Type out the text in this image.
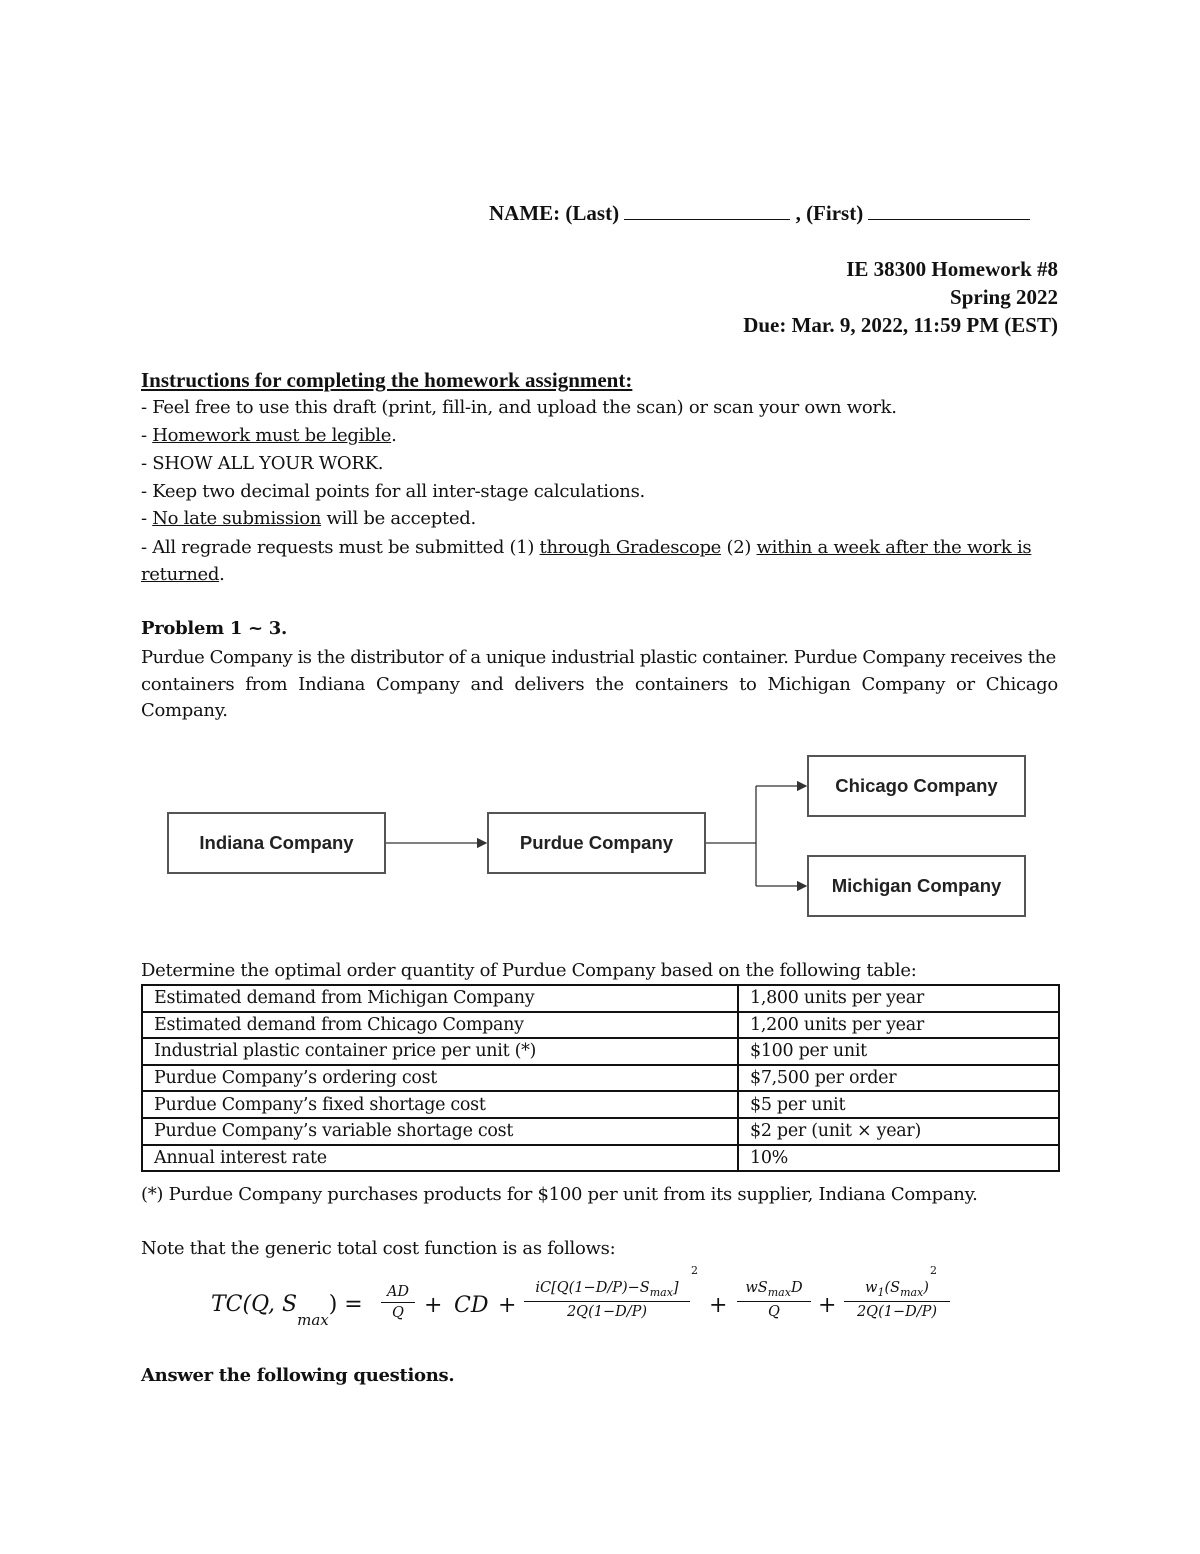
NAME: (Last)	, (First)
IE 38300 Homework #8
Spring 2022
Due: Mar. 9, 2022, 11:59 PM (EST)
Instructions for completing the homework assignment:
- Feel free to use this draft (print, fill-in, and upload the scan) or scan your own work.
- Homework must be legible.
- SHOW ALL YOUR WORK.
- Keep two decimal points for all inter-stage calculations.
- No late submission will be accepted.
- All regrade requests must be submitted (1) through Gradescope (2) within a week after the work is
returned.
Problem 1 ~ 3.
Purdue Company is the distributor of a unique industrial plastic container. Purdue Company receives the
containers from Indiana Company and delivers the containers to Michigan Company or Chicago
Company.
Indiana Company	Purdue Company
Chicago Company
Michigan Company
Determine the optimal order quantity of Purdue Company based on the following table:
Estimated demand from Michigan Company	1,800 units per year
Estimated demand from Chicago Company	1,200 units per year
Industrial plastic container price per unit (*)	$100 per unit
Purdue Company’s ordering cost	$7,500 per order
Purdue Company’s fixed shortage cost	$5 per unit
Purdue Company’s variable shortage cost	$2 per (unit × year)
Annual interest rate	10%
(*) Purdue Company purchases products for $100 per unit from its supplier, Indiana Company.
Note that the generic total cost function is as follows:
TC(Q, $S_{max}$) =	AD
Q + CD +
$iC[Q(1-D/P)-S_{max}]$
2Q(1−D/P)
2
+
$wS_{max}D$
Q	+
$w_1(S_{max})$
2Q(1−D/P)
2
Answer the following questions.
